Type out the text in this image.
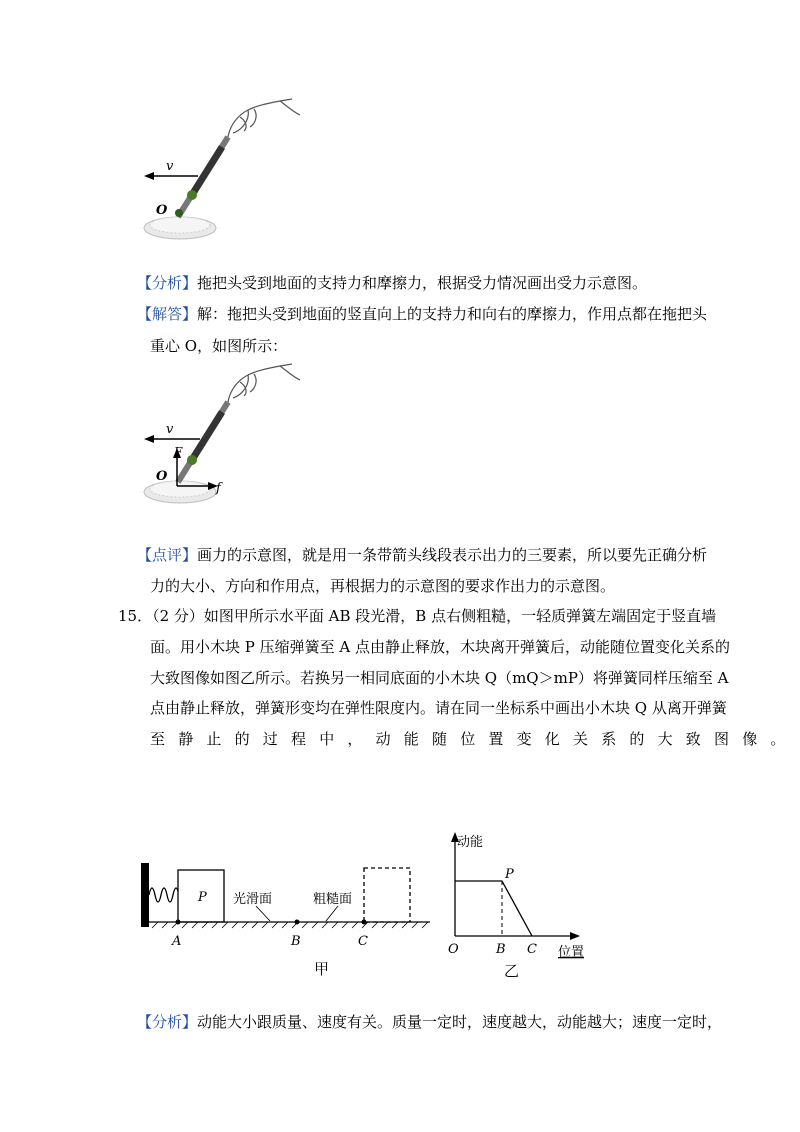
v
O
【分析】拖把头受到地面的支持力和摩擦力，根据受力情况画出受力示意图。
【解答】解：拖把头受到地面的竖直向上的支持力和向右的摩擦力，作用点都在拖把头
重心 O，如图所示：
v
F
f
O
【点评】画力的示意图，就是用一条带箭头线段表示出力的三要素，所以要先正确分析
力的大小、方向和作用点，再根据力的示意图的要求作出力的示意图。
15．（2 分）如图甲所示水平面 AB 段光滑，B 点右侧粗糙，一轻质弹簧左端固定于竖直墙
面。用小木块 P 压缩弹簧至 A 点由静止释放，木块离开弹簧后，动能随位置变化关系的
大致图像如图乙所示。若换另一相同底面的小木块 Q（mQ＞mP）将弹簧同样压缩至 A
点由静止释放，弹簧形变均在弹性限度内。请在同一坐标系中画出小木块 Q 从离开弹簧
至静止的过程中，动能随位置变化关系的大致图像。
P 光滑面	粗糙面
A	B	C
甲
动能
P
O	B C 位置
乙
【分析】动能大小跟质量、速度有关。质量一定时，速度越大，动能越大；速度一定时，
